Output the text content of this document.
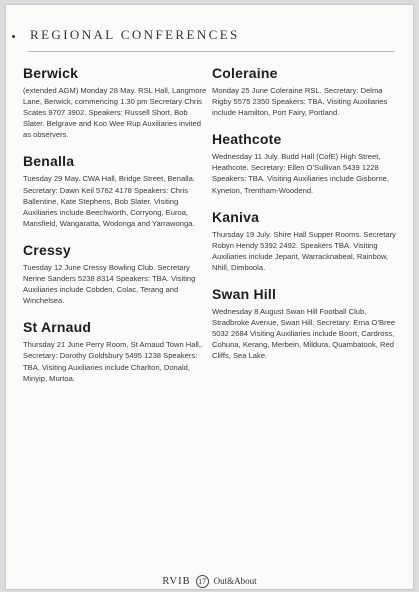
REGIONAL CONFERENCES
Berwick

(extended AGM) Monday 28 May. RSL Hall, Langmore Lane, Berwick, commencing 1.30 pm Secretary Chris Scates 9707 3902. Speakers: Russell Short, Bob Slater. Belgrave and Koo Wee Rup Auxiliaries invited as observers.

Benalla

Tuesday 29 May. CWA Hall, Bridge Street, Benalla. Secretary: Dawn Keil 5762 4178 Speakers: Chris Ballentine, Kate Stephens, Bob Slater. Visiting Auxiliaries include Beechworth, Corryong, Euroa, Mansfield, Wangaratta, Wodonga and Yarrawonga.

Cressy

Tuesday 12 June Cressy Bowling Club. Secretary Nerine Sanders 5238 8314 Speakers: TBA. Visiting Auxiliaries include Cobden, Colac, Terang and Winchelsea.

St Arnaud

Thursday 21 June Perry Room, St Arnaud Town Hall,. Secretary: Dorothy Goldsbury 5495 1238 Speakers: TBA. Visiting Auxiliaries include Charlton, Donald, Minyip, Murtoa.

Coleraine

Monday 25 June Coleraine RSL. Secretary: Delma Rigby 5575 2350 Speakers: TBA. Visiting Auxiliaries include Hamilton, Port Fairy, Portland.

Heathcote

Wednesday 11 July. Budd Hall (CofE) High Street, Heathcote. Secretary: Ellen O’Sullivan 5439 1228 Speakers: TBA. Visiting Auxiliaries include Gisborne, Kyneton, Trentham-Woodend.

Kaniva

Thursday 19 July. Shire Hall Supper Rooms. Secretary Robyn Hendy 5392 2492. Speakers TBA. Visiting Auxiliaries include Jeparit, Warracknabeal, Rainbow, Nhill, Dimboola.

Swan Hill

Wednesday 8 August Swan Hill Football Club, Stradbroke Avenue, Swan Hill. Secretary: Erna O’Bree 5032 2684 Visiting Auxiliaries include Boort, Cardross, Cohuna, Kerang, Merbein, Mildura, Quambatook, Red Cliffs, Sea Lake.

RVIB 17 Out&About
